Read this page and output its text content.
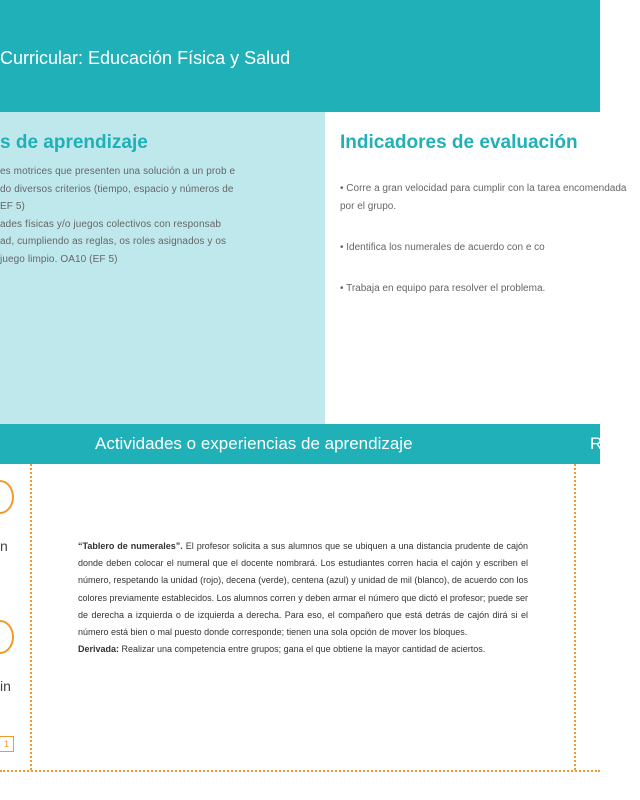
Curricular: Educación Física y Salud
s de aprendizaje
es motrices que presenten una solución a un prob e
do diversos criterios (tiempo, espacio y números de
EF 5)
ades físicas y/o juegos colectivos con responsab
ad, cumpliendo as reglas, os roles asignados y os
juego limpio. OA10 (EF 5)
Indicadores de evaluación
• Corre a gran velocidad para cumplir con la tarea encomendada por el grupo.
• Identifica los numerales de acuerdo con e co
• Trabaja en equipo para resolver el problema.
Actividades o experiencias de aprendizaje	R
n
in
1
“Tablero de numerales”. El profesor solicita a sus alumnos que se ubiquen a una distancia prudente de cajón donde deben colocar el numeral que el docente nombrará. Los estudiantes corren hacia el cajón y escriben el número, respetando la unidad (rojo), decena (verde), centena (azul) y unidad de mil (blanco), de acuerdo con los colores previamente establecidos. Los alumnos corren y deben armar el número que dictó el profesor; puede ser de derecha a izquierda o de izquierda a derecha. Para eso, el compañero que está detrás de cajón dirá si el número está bien o mal puesto donde corresponde; tienen una sola opción de mover los bloques.
Derivada: Realizar una competencia entre grupos; gana el que obtiene la mayor cantidad de aciertos.
